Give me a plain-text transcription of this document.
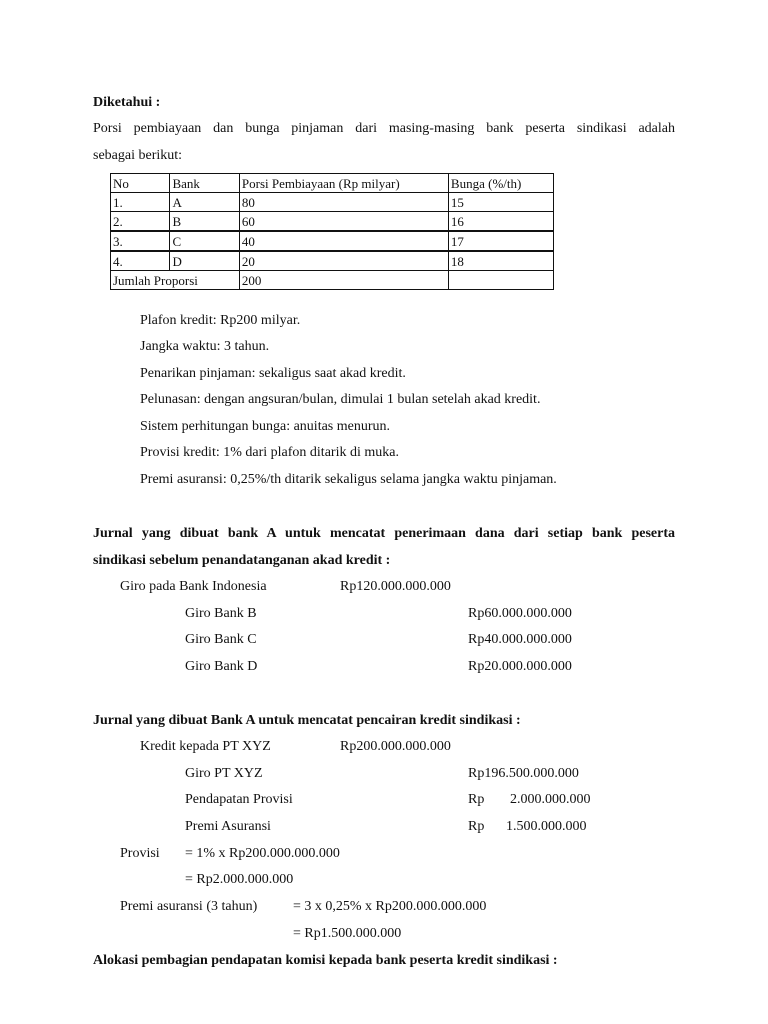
Diketahui :
Porsi pembiayaan dan bunga pinjaman dari masing-masing bank peserta sindikasi adalah
sebagai berikut:
No	Bank	Porsi Pembiayaan (Rp milyar)	Bunga (%/th)
1.	A	80	15
2.	B	60	16
3.	C	40	17
4.	D	20	18
Jumlah Proporsi		200	
Plafon kredit: Rp200 milyar.
Jangka waktu: 3 tahun.
Penarikan pinjaman: sekaligus saat akad kredit.
Pelunasan: dengan angsuran/bulan, dimulai 1 bulan setelah akad kredit.
Sistem perhitungan bunga: anuitas menurun.
Provisi kredit: 1% dari plafon ditarik di muka.
Premi asuransi: 0,25%/th ditarik sekaligus selama jangka waktu pinjaman.
Jurnal yang dibuat bank A untuk mencatat penerimaan dana dari setiap bank peserta
sindikasi sebelum penandatanganan akad kredit :
Giro pada Bank Indonesia	Rp120.000.000.000
Giro Bank B	Rp60.000.000.000
Giro Bank C	Rp40.000.000.000
Giro Bank D	Rp20.000.000.000
Jurnal yang dibuat Bank A untuk mencatat pencairan kredit sindikasi :
Kredit kepada PT XYZ	Rp200.000.000.000
Giro PT XYZ	Rp196.500.000.000
Pendapatan Provisi	Rp 2.000.000.000
Premi Asuransi	Rp 1.500.000.000
Provisi = 1% x Rp200.000.000.000
= Rp2.000.000.000
Premi asuransi (3 tahun)	= 3 x 0,25% x Rp200.000.000.000
= Rp1.500.000.000
Alokasi pembagian pendapatan komisi kepada bank peserta kredit sindikasi :
